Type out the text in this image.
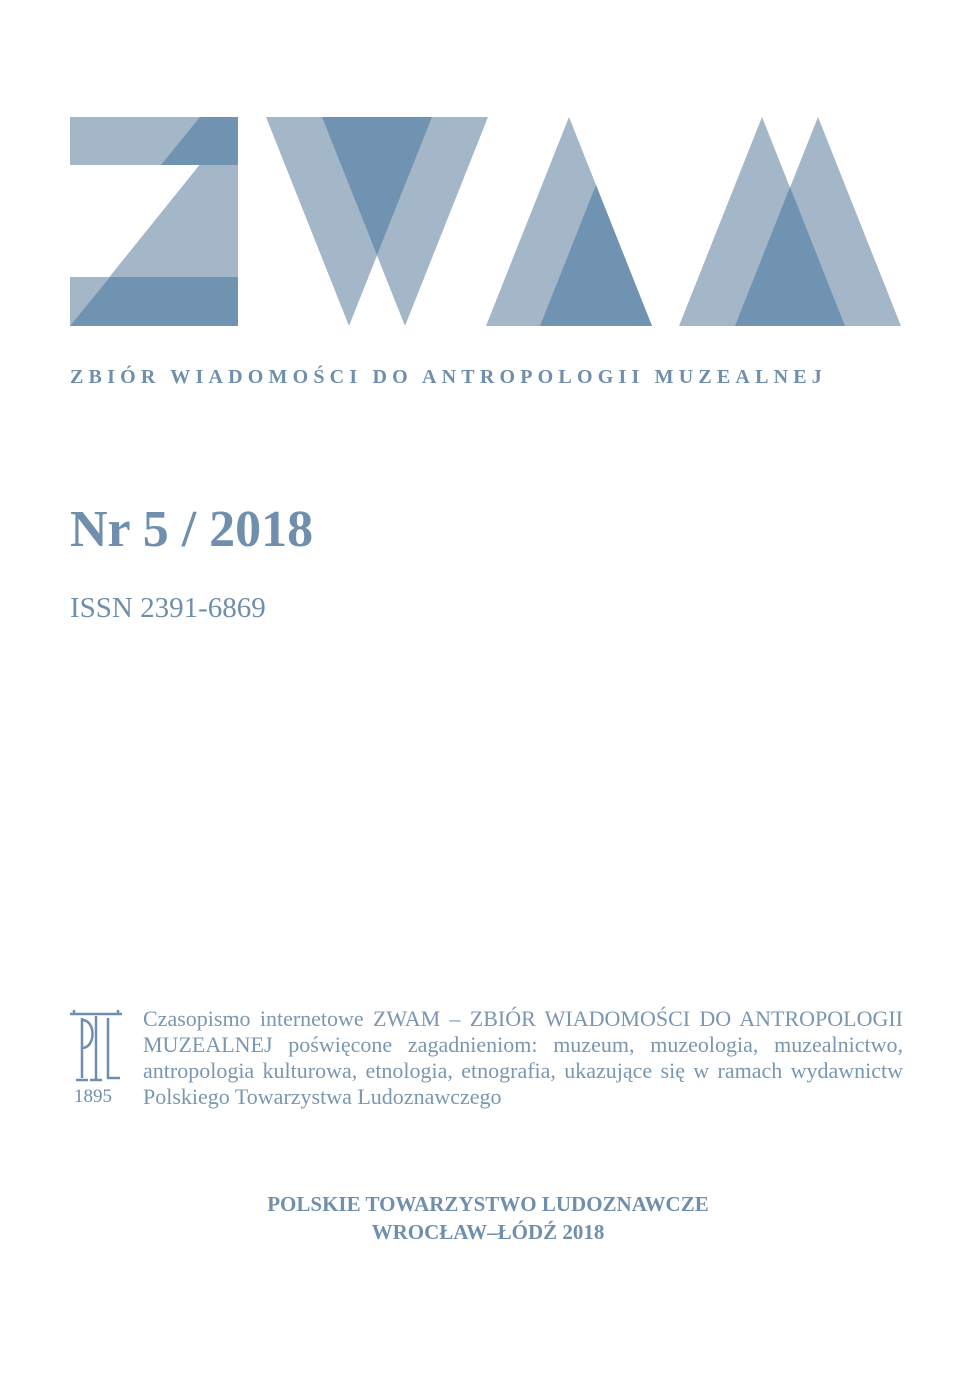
ZBIÓR WIADOMOŚCI DO ANTROPOLOGII MUZEALNEJ
Nr 5 / 2018
ISSN 2391-6869
1895
Czasopismo internetowe ZWAM – ZBIÓR WIADOMOŚCI DO ANTROPOLOGII MUZEALNEJ poświęcone zagadnieniom: muzeum, muzeologia, muzealnictwo, antropologia kulturowa, etnologia, etnografia, ukazujące się w ramach wydawnictw Polskiego Towarzystwa Ludoznawczego
POLSKIE TOWARZYSTWO LUDOZNAWCZE
WROCŁAW–ŁÓDŹ 2018
